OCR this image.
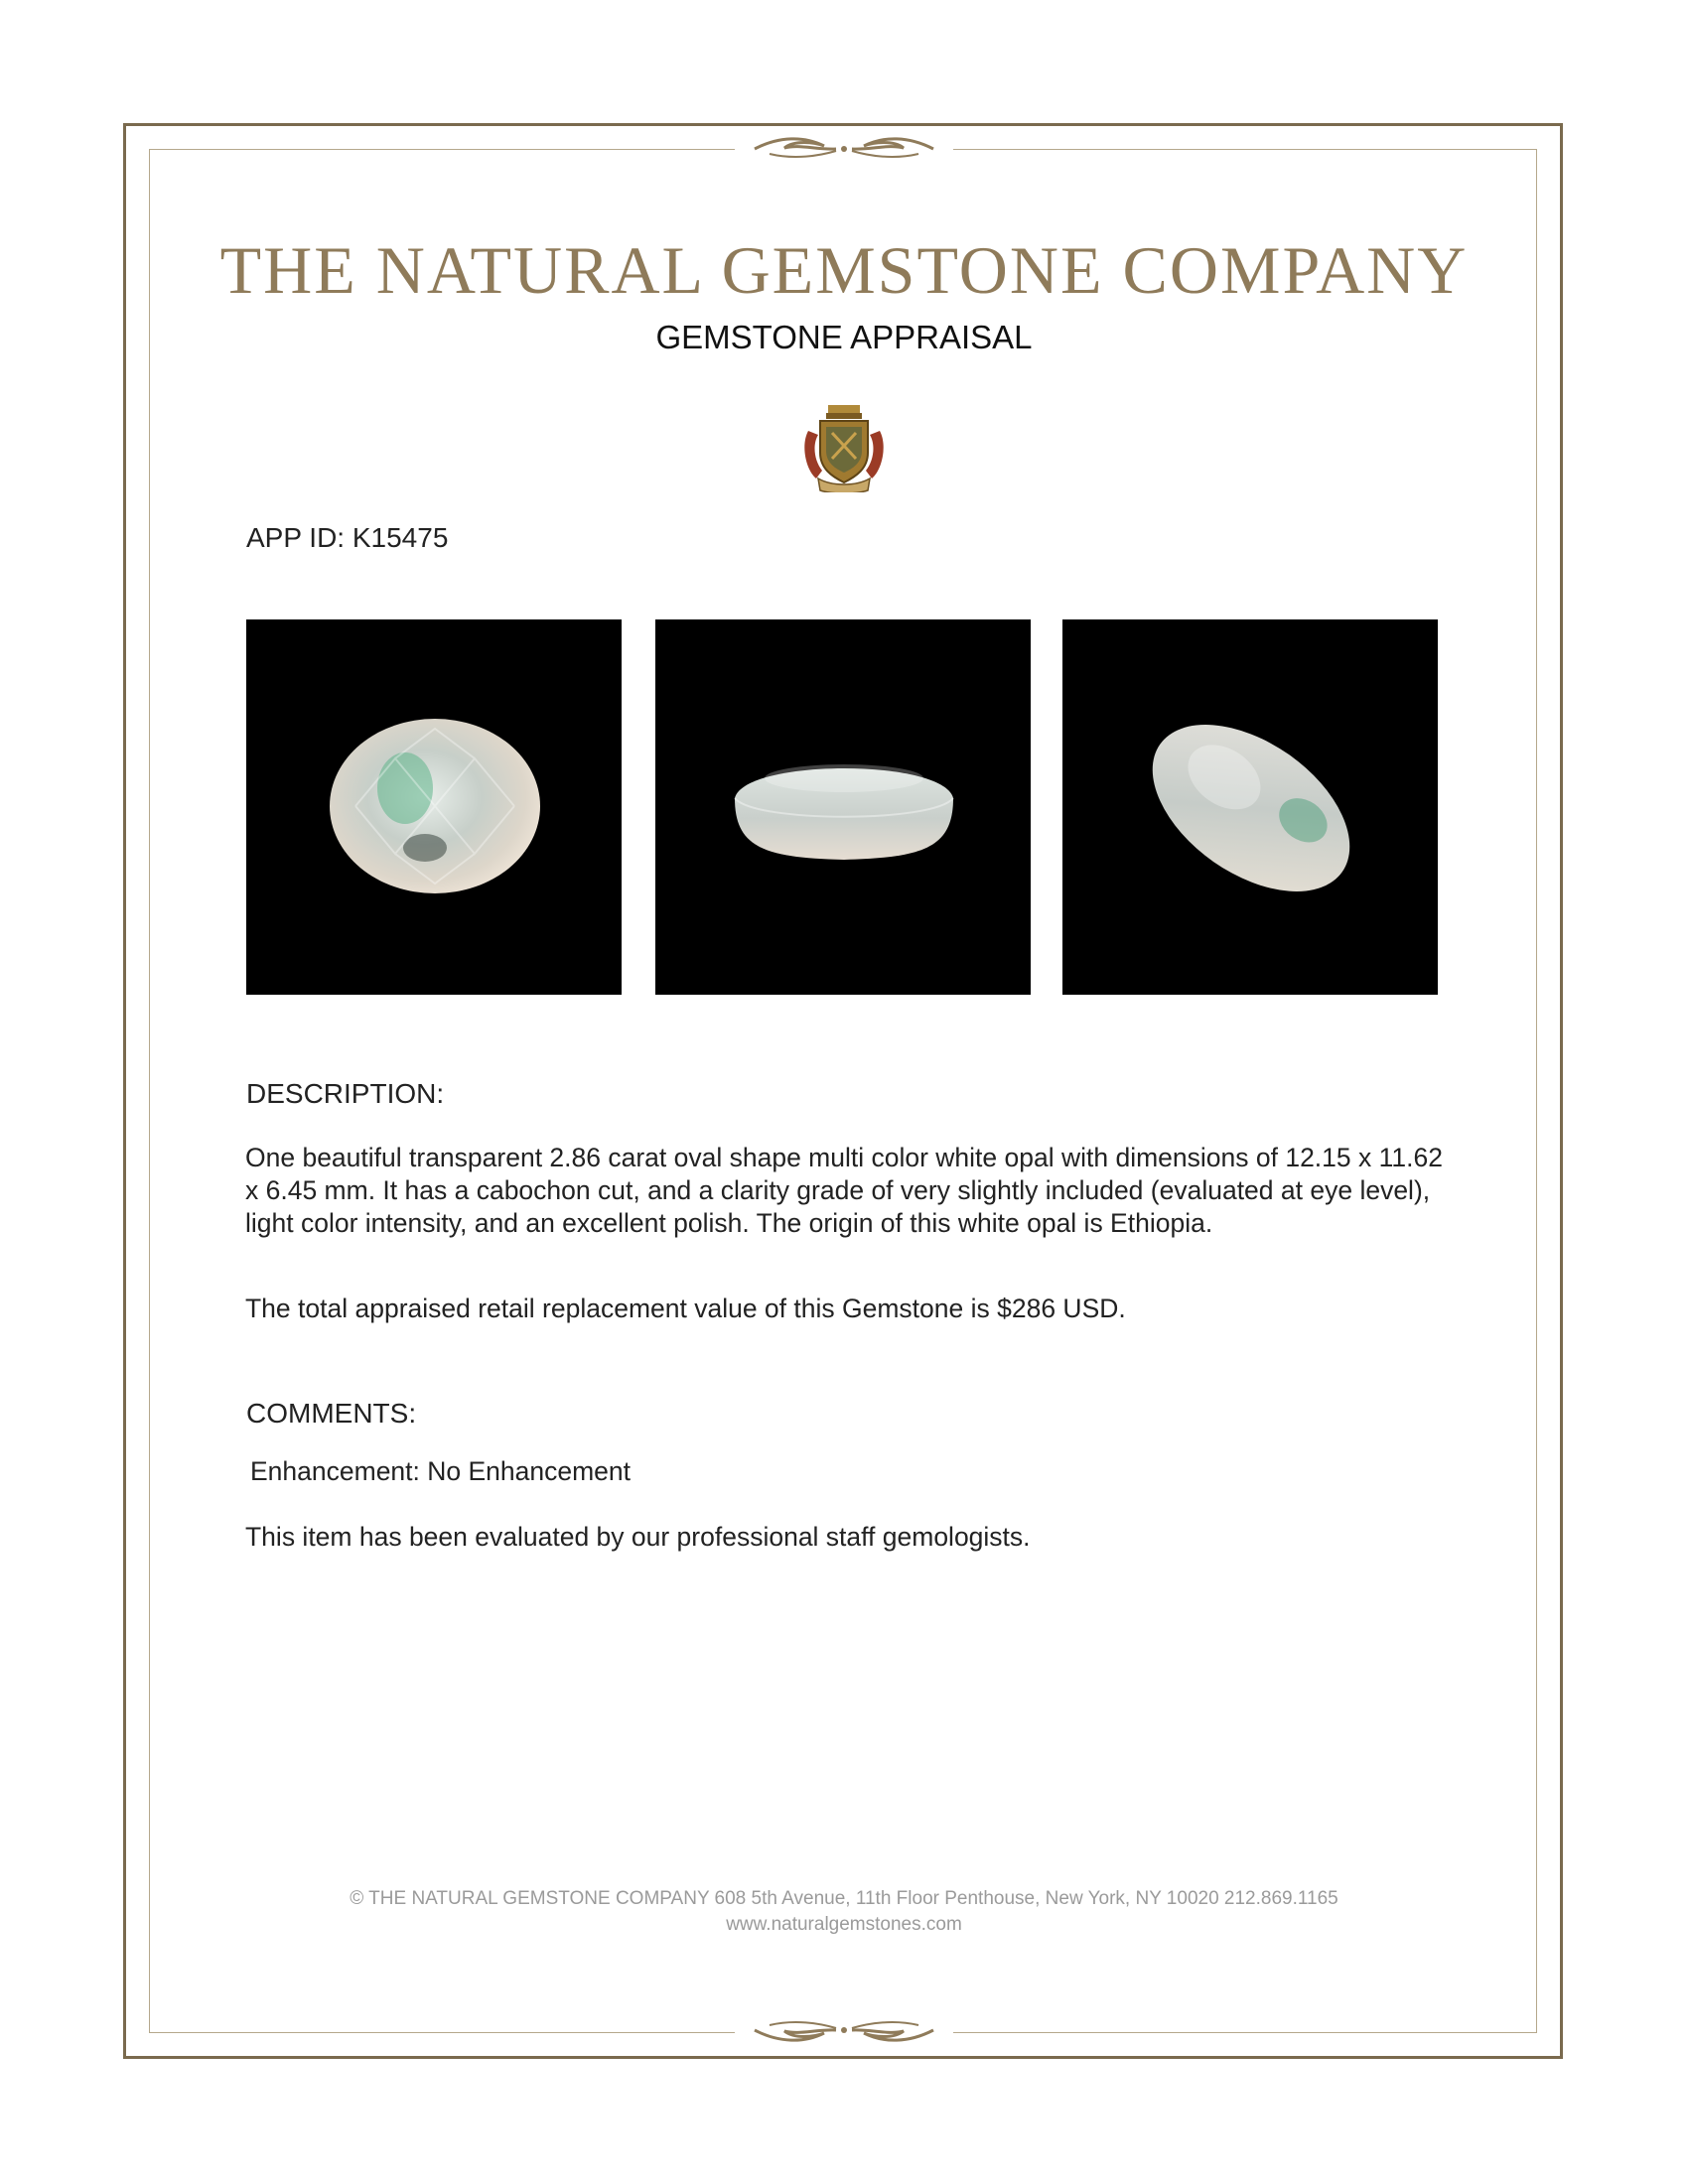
THE NATURAL GEMSTONE COMPANY
GEMSTONE APPRAISAL
APP ID: K15475
DESCRIPTION:
One beautiful transparent 2.86 carat oval shape multi color white opal with dimensions of 12.15 x 11.62 x 6.45 mm. It has a cabochon cut, and a clarity grade of very slightly included (evaluated at eye level), light color intensity, and an excellent polish. The origin of this white opal is Ethiopia.
The total appraised retail replacement value of this Gemstone is $286 USD.
COMMENTS:
Enhancement: No Enhancement
This item has been evaluated by our professional staff gemologists.
© THE NATURAL GEMSTONE COMPANY 608 5th Avenue, 11th Floor Penthouse, New York, NY 10020 212.869.1165
www.naturalgemstones.com
